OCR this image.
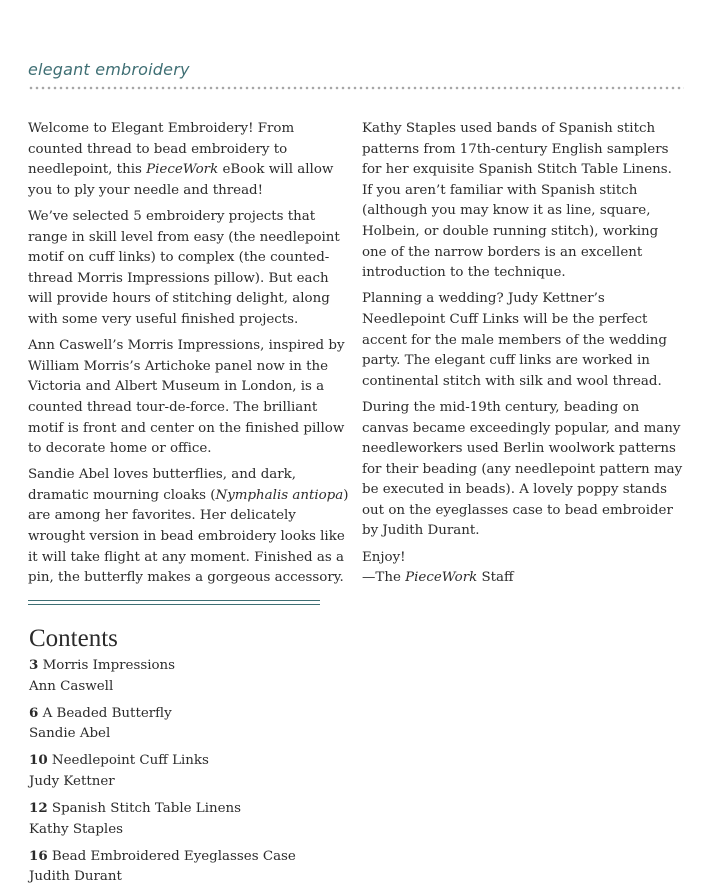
elegant embroidery

Welcome to Elegant Embroidery! From counted thread to bead embroidery to needlepoint, this PieceWork eBook will allow you to ply your needle and thread!

We’ve selected 5 embroidery projects that range in skill level from easy (the needlepoint motif on cuff links) to complex (the counted-thread Morris Impressions pillow). But each will provide hours of stitching delight, along with some very useful finished projects.

Ann Caswell’s Morris Impressions, inspired by William Morris’s Artichoke panel now in the Victoria and Albert Museum in London, is a counted thread tour-de-force. The brilliant motif is front and center on the finished pillow to decorate home or office.

Sandie Abel loves butterflies, and dark, dramatic mourning cloaks (Nymphalis antiopa) are among her favorites. Her delicately wrought version in bead embroidery looks like it will take flight at any moment. Finished as a pin, the butterfly makes a gorgeous accessory.

Kathy Staples used bands of Spanish stitch patterns from 17th-century English samplers for her exquisite Spanish Stitch Table Linens. If you aren’t familiar with Spanish stitch (although you may know it as line, square, Holbein, or double running stitch), working one of the narrow borders is an excellent introduction to the technique.

Planning a wedding? Judy Kettner’s Needlepoint Cuff Links will be the perfect accent for the male members of the wedding party. The elegant cuff links are worked in continental stitch with silk and wool thread.

During the mid-19th century, beading on canvas became exceedingly popular, and many needleworkers used Berlin woolwork patterns for their beading (any needlepoint pattern may be executed in beads). A lovely poppy stands out on the eyeglasses case to bead embroider by Judith Durant.

Enjoy!

—The PieceWork Staff

Contents
3 Morris Impressions
Ann Caswell
6 A Beaded Butterfly
Sandie Abel
10 Needlepoint Cuff Links
Judy Kettner
12 Spanish Stitch Table Linens
Kathy Staples
16 Bead Embroidered Eyeglasses Case
Judith Durant
